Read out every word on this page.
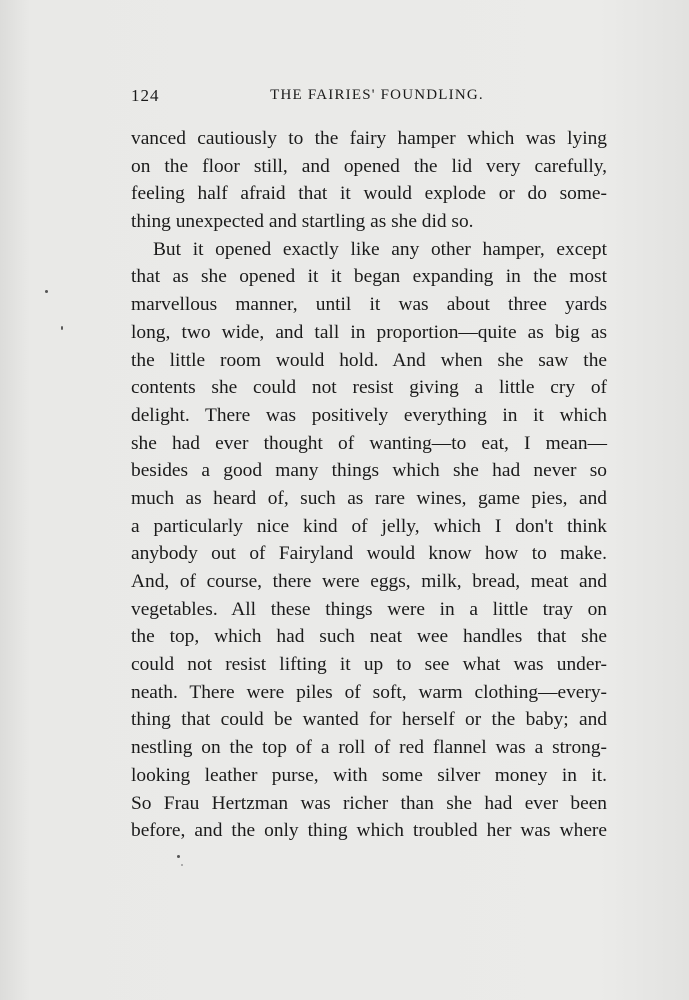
124	THE FAIRIES' FOUNDLING.
vanced cautiously to the fairy hamper which was lying
on the floor still, and opened the lid very carefully,
feeling half afraid that it would explode or do some-
thing unexpected and startling as she did so.
But it opened exactly like any other hamper, except
that as she opened it it began expanding in the most
marvellous manner, until it was about three yards
long, two wide, and tall in proportion—quite as big as
the little room would hold. And when she saw the
contents she could not resist giving a little cry of
delight. There was positively everything in it which
she had ever thought of wanting—to eat, I mean—
besides a good many things which she had never so
much as heard of, such as rare wines, game pies, and
a particularly nice kind of jelly, which I don't think
anybody out of Fairyland would know how to make.
And, of course, there were eggs, milk, bread, meat and
vegetables. All these things were in a little tray on
the top, which had such neat wee handles that she
could not resist lifting it up to see what was under-
neath. There were piles of soft, warm clothing—every-
thing that could be wanted for herself or the baby; and
nestling on the top of a roll of red flannel was a strong-
looking leather purse, with some silver money in it.
So Frau Hertzman was richer than she had ever been
before, and the only thing which troubled her was where
